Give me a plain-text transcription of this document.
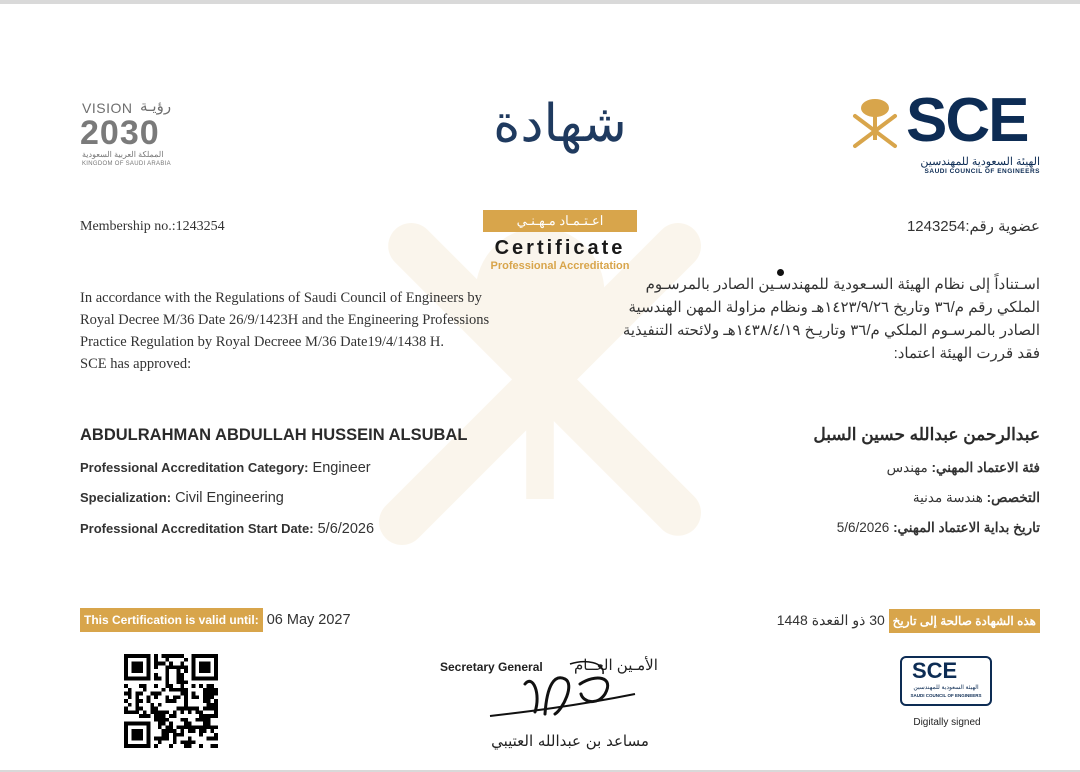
VISION رؤيـة
2030
المملكة العربية السعودية
KINGDOM OF SAUDI ARABIA
SCE
الهيئة السعودية للمهندسين
SAUDI COUNCIL OF ENGINEERS
شهادة
اعـتـمـاد مـهـنـي
Certificate
Professional Accreditation
Membership no.:1243254	عضوية رقم:1243254
In accordance with the Regulations of Saudi Council of Engineers by
Royal Decree M/36 Date 26/9/1423H and the Engineering Professions
Practice Regulation by Royal Decreee M/36 Date19/4/1438 H.
SCE has approved:
اسـتناداً إلى نظام الهيئة السـعودية للمهندسـين الصادر بالمرسـوم
الملكي رقم م/٣٦ وتاريخ ١٤٢٣/٩/٢٦هـ ونظام مزاولة المهن الهندسية
الصادر بالمرسـوم الملكي م/٣٦ وتاريـخ ١٤٣٨/٤/١٩هـ ولائحته التنفيذية
فقد قررت الهيئة اعتماد:
ABDULRAHMAN ABDULLAH HUSSEIN ALSUBAL	عبدالرحمن عبدالله حسين السبل
Professional Accreditation Category: Engineer
Specialization: Civil Engineering
Professional Accreditation Start Date: 5/6/2026
فئة الاعتماد المهني: مهندس
التخصص: هندسة مدنية
تاريخ بداية الاعتماد المهني: 5/6/2026
This Certification is valid until: 06 May 2027	هذه الشهادة صالحة إلى تاريخ 30 ذو القعدة 1448
Secretary General الأمـين العــام
مساعد بن عبدالله العتيبي
SCE
الهيئة السعودية للمهندسين
SAUDI COUNCIL OF ENGINEERS
Digitally signed
